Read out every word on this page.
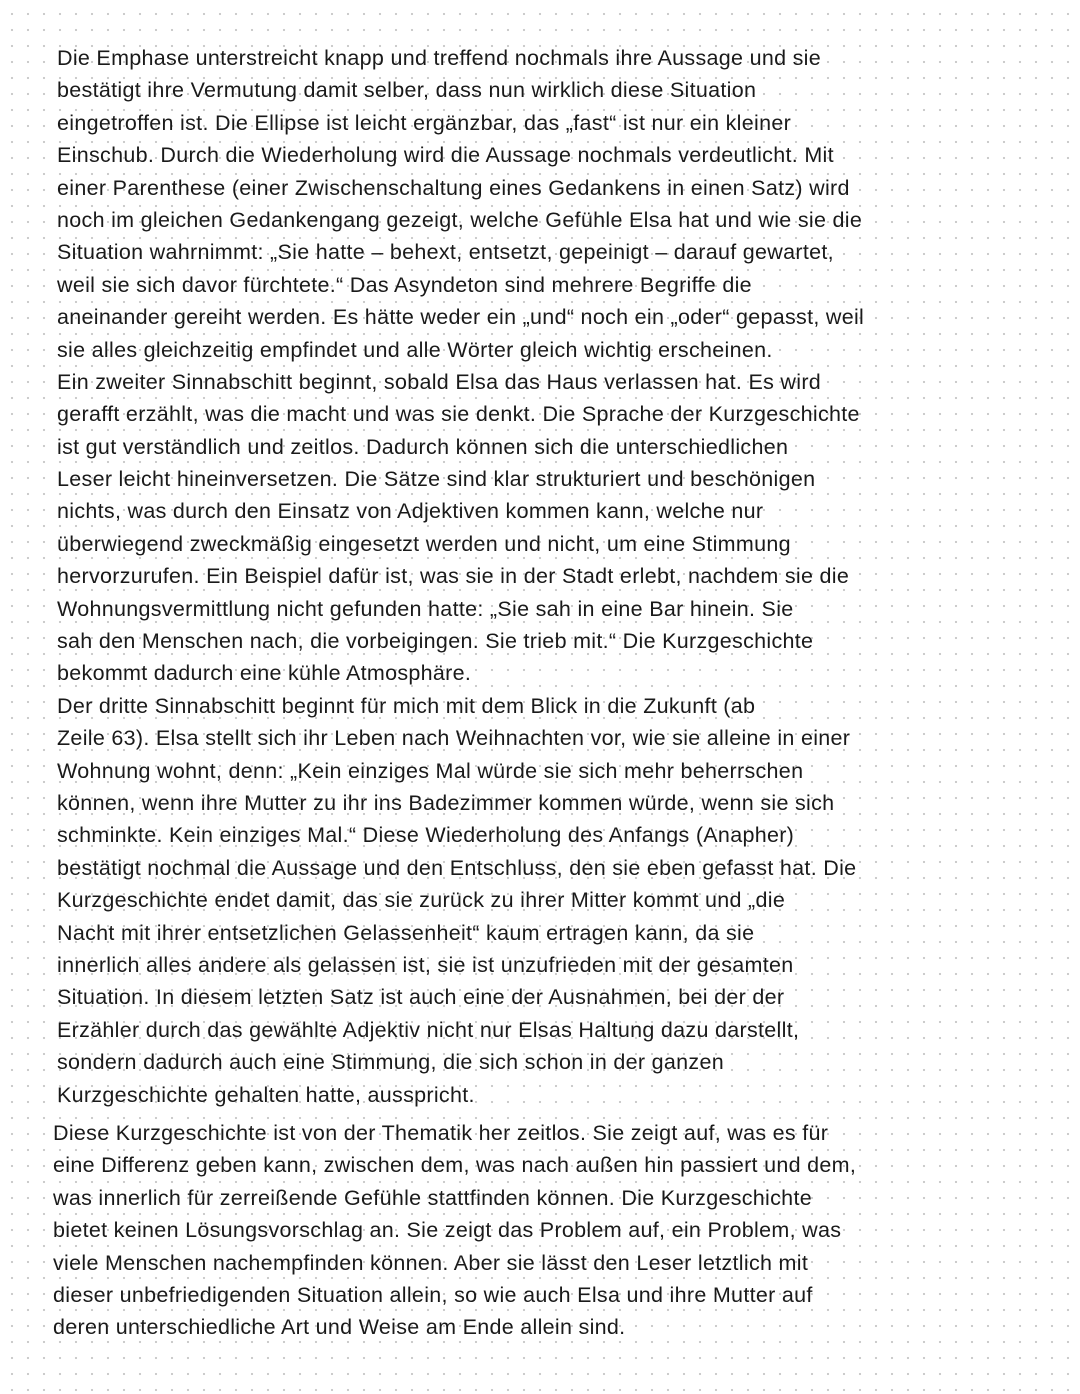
Die Emphase unterstreicht knapp und treffend nochmals ihre Aussage und sie
bestätigt ihre Vermutung damit selber, dass nun wirklich diese Situation
eingetroffen ist. Die Ellipse ist leicht ergänzbar, das „fast“ ist nur ein kleiner
Einschub. Durch die Wiederholung wird die Aussage nochmals verdeutlicht. Mit
einer Parenthese (einer Zwischenschaltung eines Gedankens in einen Satz) wird
noch im gleichen Gedankengang gezeigt, welche Gefühle Elsa hat und wie sie die
Situation wahrnimmt: „Sie hatte – behext, entsetzt, gepeinigt – darauf gewartet,
weil sie sich davor fürchtete.“ Das Asyndeton sind mehrere Begriffe die
aneinander gereiht werden. Es hätte weder ein „und“ noch ein „oder“ gepasst, weil
sie alles gleichzeitig empfindet und alle Wörter gleich wichtig erscheinen.
Ein zweiter Sinnabschitt beginnt, sobald Elsa das Haus verlassen hat. Es wird
gerafft erzählt, was die macht und was sie denkt. Die Sprache der Kurzgeschichte
ist gut verständlich und zeitlos. Dadurch können sich die unterschiedlichen
Leser leicht hineinversetzen. Die Sätze sind klar strukturiert und beschönigen
nichts, was durch den Einsatz von Adjektiven kommen kann, welche nur
überwiegend zweckmäßig eingesetzt werden und nicht, um eine Stimmung
hervorzurufen. Ein Beispiel dafür ist, was sie in der Stadt erlebt, nachdem sie die
Wohnungsvermittlung nicht gefunden hatte: „Sie sah in eine Bar hinein. Sie
sah den Menschen nach, die vorbeigingen. Sie trieb mit.“ Die Kurzgeschichte
bekommt dadurch eine kühle Atmosphäre.
Der dritte Sinnabschitt beginnt für mich mit dem Blick in die Zukunft (ab
Zeile 63). Elsa stellt sich ihr Leben nach Weihnachten vor, wie sie alleine in einer
Wohnung wohnt, denn: „Kein einziges Mal würde sie sich mehr beherrschen
können, wenn ihre Mutter zu ihr ins Badezimmer kommen würde, wenn sie sich
schminkte. Kein einziges Mal.“ Diese Wiederholung des Anfangs (Anapher)
bestätigt nochmal die Aussage und den Entschluss, den sie eben gefasst hat. Die
Kurzgeschichte endet damit, das sie zurück zu ihrer Mitter kommt und „die
Nacht mit ihrer entsetzlichen Gelassenheit“ kaum ertragen kann, da sie
innerlich alles andere als gelassen ist, sie ist unzufrieden mit der gesamten
Situation. In diesem letzten Satz ist auch eine der Ausnahmen, bei der der
Erzähler durch das gewählte Adjektiv nicht nur Elsas Haltung dazu darstellt,
sondern dadurch auch eine Stimmung, die sich schon in der ganzen
Kurzgeschichte gehalten hatte, ausspricht.
Diese Kurzgeschichte ist von der Thematik her zeitlos. Sie zeigt auf, was es für
eine Differenz geben kann, zwischen dem, was nach außen hin passiert und dem,
was innerlich für zerreißende Gefühle stattfinden können. Die Kurzgeschichte
bietet keinen Lösungsvorschlag an. Sie zeigt das Problem auf, ein Problem, was
viele Menschen nachempfinden können. Aber sie lässt den Leser letztlich mit
dieser unbefriedigenden Situation allein, so wie auch Elsa und ihre Mutter auf
deren unterschiedliche Art und Weise am Ende allein sind.
